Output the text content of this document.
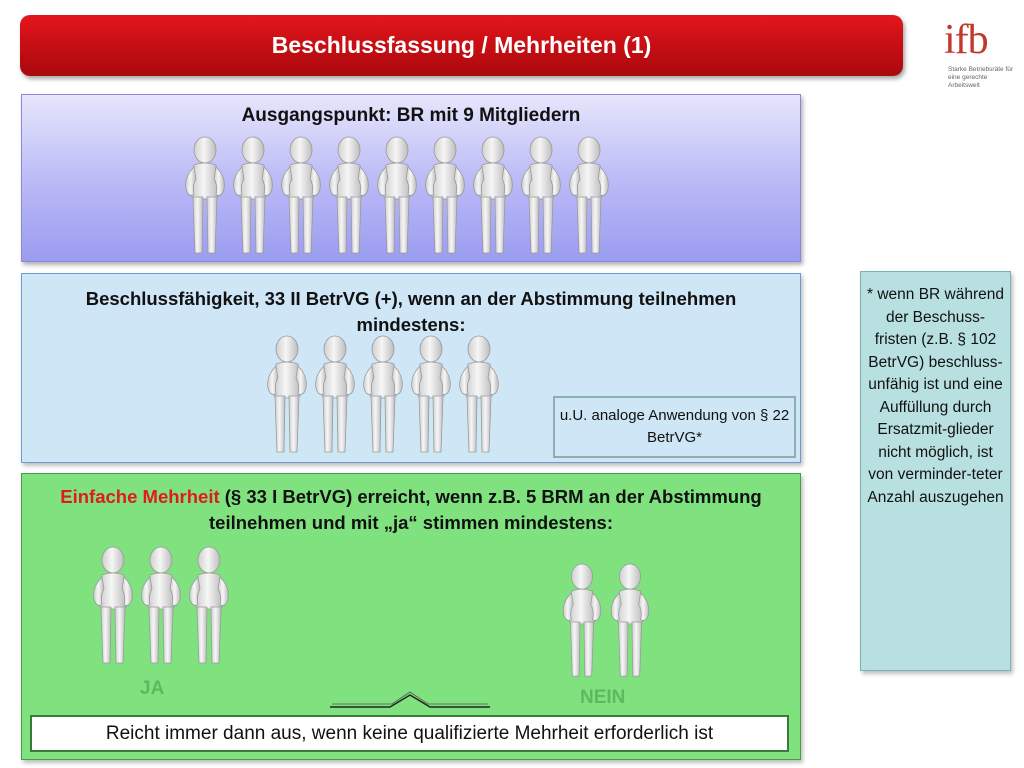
Beschlussfassung / Mehrheiten (1)	ifb
Starke Betriebsräte für eine gerechte Arbeitswelt
Ausgangspunkt: BR mit 9 Mitgliedern
Beschlussfähigkeit, 33 II BetrVG (+), wenn an der Abstimmung teilnehmen mindestens:
u.U. analoge Anwendung von § 22 BetrVG*
Einfache Mehrheit (§ 33 I BetrVG) erreicht, wenn z.B. 5 BRM an der Abstimmung teilnehmen und mit „ja“ stimmen mindestens:
JA	NEIN
Reicht immer dann aus, wenn keine qualifizierte Mehrheit erforderlich ist
* wenn BR während der Beschuss-fristen (z.B. § 102 BetrVG) beschluss-unfähig ist und eine Auffüllung durch Ersatzmit-glieder nicht möglich, ist von verminder-teter Anzahl auszugehen
